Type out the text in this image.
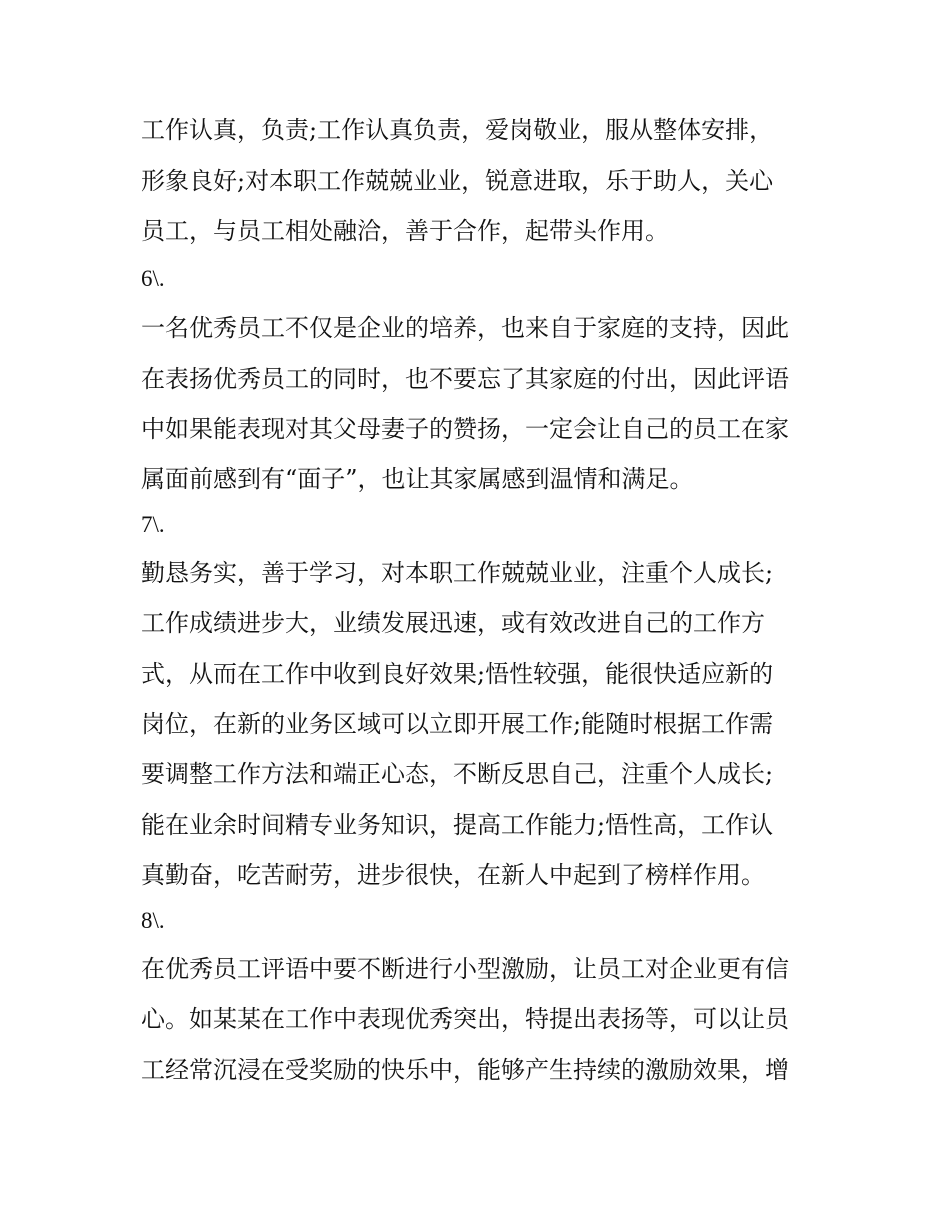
工作认真，负责;工作认真负责，爱岗敬业，服从整体安排，
形象良好;对本职工作兢兢业业，锐意进取，乐于助人，关心
员工，与员工相处融洽，善于合作，起带头作用。
6\.
一名优秀员工不仅是企业的培养，也来自于家庭的支持，因此
在表扬优秀员工的同时，也不要忘了其家庭的付出，因此评语
中如果能表现对其父母妻子的赞扬，一定会让自己的员工在家
属面前感到有“面子”，也让其家属感到温情和满足。
7\.
勤恳务实，善于学习，对本职工作兢兢业业，注重个人成长;
工作成绩进步大，业绩发展迅速，或有效改进自己的工作方
式，从而在工作中收到良好效果;悟性较强，能很快适应新的
岗位，在新的业务区域可以立即开展工作;能随时根据工作需
要调整工作方法和端正心态，不断反思自己，注重个人成长;
能在业余时间精专业务知识，提高工作能力;悟性高，工作认
真勤奋，吃苦耐劳，进步很快，在新人中起到了榜样作用。
8\.
在优秀员工评语中要不断进行小型激励，让员工对企业更有信
心。如某某在工作中表现优秀突出，特提出表扬等，可以让员
工经常沉浸在受奖励的快乐中，能够产生持续的激励效果，增
